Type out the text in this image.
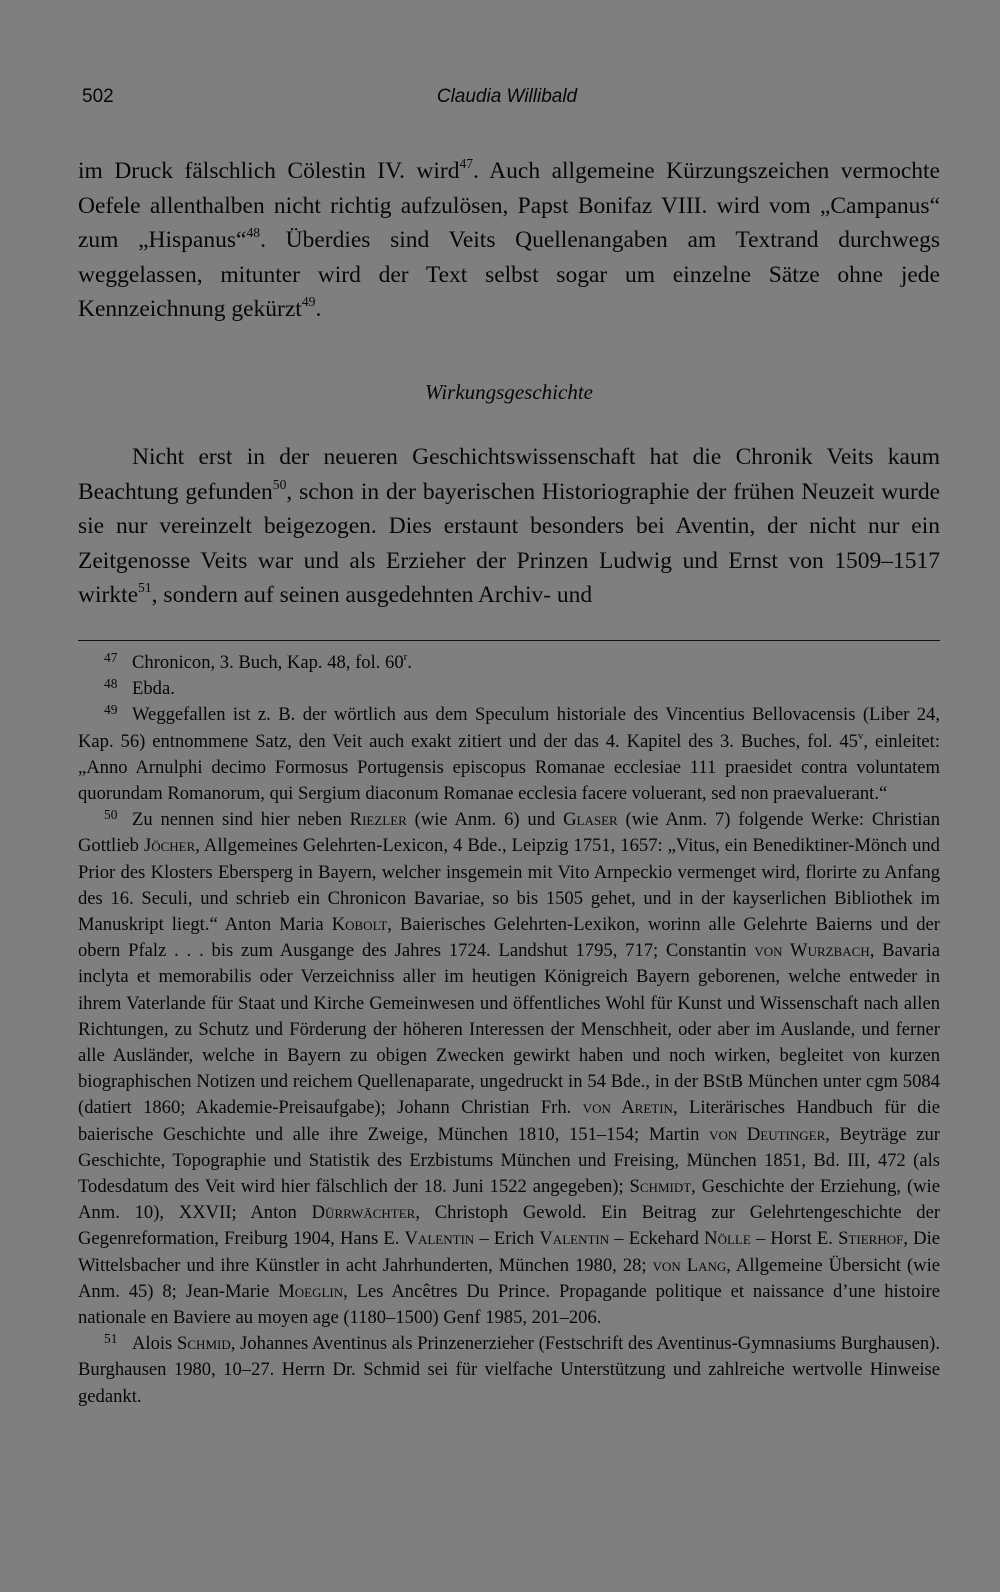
502	Claudia Willibald

im Druck fälschlich Cölestin IV. wird$^{47}$. Auch allgemeine Kürzungszeichen vermochte Oefele allenthalben nicht richtig aufzulösen, Papst Bonifaz VIII. wird vom „Campanus“ zum „Hispanus“$^{48}$. Überdies sind Veits Quellenangaben am Textrand durchwegs weggelassen, mitunter wird der Text selbst sogar um einzelne Sätze ohne jede Kennzeichnung gekürzt$^{49}$.

Wirkungsgeschichte

Nicht erst in der neueren Geschichtswissenschaft hat die Chronik Veits kaum Beachtung gefunden$^{50}$, schon in der bayerischen Historiographie der frühen Neuzeit wurde sie nur vereinzelt beigezogen. Dies erstaunt besonders bei Aventin, der nicht nur ein Zeitgenosse Veits war und als Erzieher der Prinzen Ludwig und Ernst von 1509–1517 wirkte$^{51}$, sondern auf seinen ausgedehnten Archiv- und

47 Chronicon, 3. Buch, Kap. 48, fol. 60$^r$.

48 Ebda.

49 Weggefallen ist z. B. der wörtlich aus dem Speculum historiale des Vincentius Bellovacensis (Liber 24, Kap. 56) entnommene Satz, den Veit auch exakt zitiert und der das 4. Kapitel des 3. Buches, fol. 45$^v$, einleitet: „Anno Arnulphi decimo Formosus Portugensis episcopus Romanae ecclesiae 111 praesidet contra voluntatem quorundam Romanorum, qui Sergium diaconum Romanae ecclesia facere voluerant, sed non praevaluerant.“

50 Zu nennen sind hier neben Riezler (wie Anm. 6) und Glaser (wie Anm. 7) folgende Werke: Christian Gottlieb Jöcher, Allgemeines Gelehrten-Lexicon, 4 Bde., Leipzig 1751, 1657: „Vitus, ein Benediktiner-Mönch und Prior des Klosters Ebersperg in Bayern, welcher insgemein mit Vito Arnpeckio vermenget wird, florirte zu Anfang des 16. Seculi, und schrieb ein Chronicon Bavariae, so bis 1505 gehet, und in der kayserlichen Bibliothek im Manuskript liegt.“ Anton Maria Kobolt, Baierisches Gelehrten-Lexikon, worinn alle Gelehrte Baierns und der obern Pfalz . . . bis zum Ausgange des Jahres 1724. Landshut 1795, 717; Constantin von Wurzbach, Bavaria inclyta et memorabilis oder Verzeichniss aller im heutigen Königreich Bayern geborenen, welche entweder in ihrem Vaterlande für Staat und Kirche Gemeinwesen und öffentliches Wohl für Kunst und Wissenschaft nach allen Richtungen, zu Schutz und Förderung der höheren Interessen der Menschheit, oder aber im Auslande, und ferner alle Ausländer, welche in Bayern zu obigen Zwecken gewirkt haben und noch wirken, begleitet von kurzen biographischen Notizen und reichem Quellenaparate, ungedruckt in 54 Bde., in der BStB München unter cgm 5084 (datiert 1860; Akademie-Preisaufgabe); Johann Christian Frh. von Aretin, Literärisches Handbuch für die baierische Geschichte und alle ihre Zweige, München 1810, 151–154; Martin von Deutinger, Beyträge zur Geschichte, Topographie und Statistik des Erzbistums München und Freising, München 1851, Bd. III, 472 (als Todesdatum des Veit wird hier fälschlich der 18. Juni 1522 angegeben); Schmidt, Geschichte der Erziehung, (wie Anm. 10), XXVII; Anton Dürrwächter, Christoph Gewold. Ein Beitrag zur Gelehrtengeschichte der Gegenreformation, Freiburg 1904, Hans E. Valentin – Erich Valentin – Eckehard Nölle – Horst E. Stierhof, Die Wittelsbacher und ihre Künstler in acht Jahrhunderten, München 1980, 28; von Lang, Allgemeine Übersicht (wie Anm. 45) 8; Jean-Marie Moeglin, Les Ancêtres Du Prince. Propagande politique et naissance d’une histoire nationale en Baviere au moyen age (1180–1500) Genf 1985, 201–206.

51 Alois Schmid, Johannes Aventinus als Prinzenerzieher (Festschrift des Aventinus-Gymnasiums Burghausen). Burghausen 1980, 10–27. Herrn Dr. Schmid sei für vielfache Unterstützung und zahlreiche wertvolle Hinweise gedankt.
